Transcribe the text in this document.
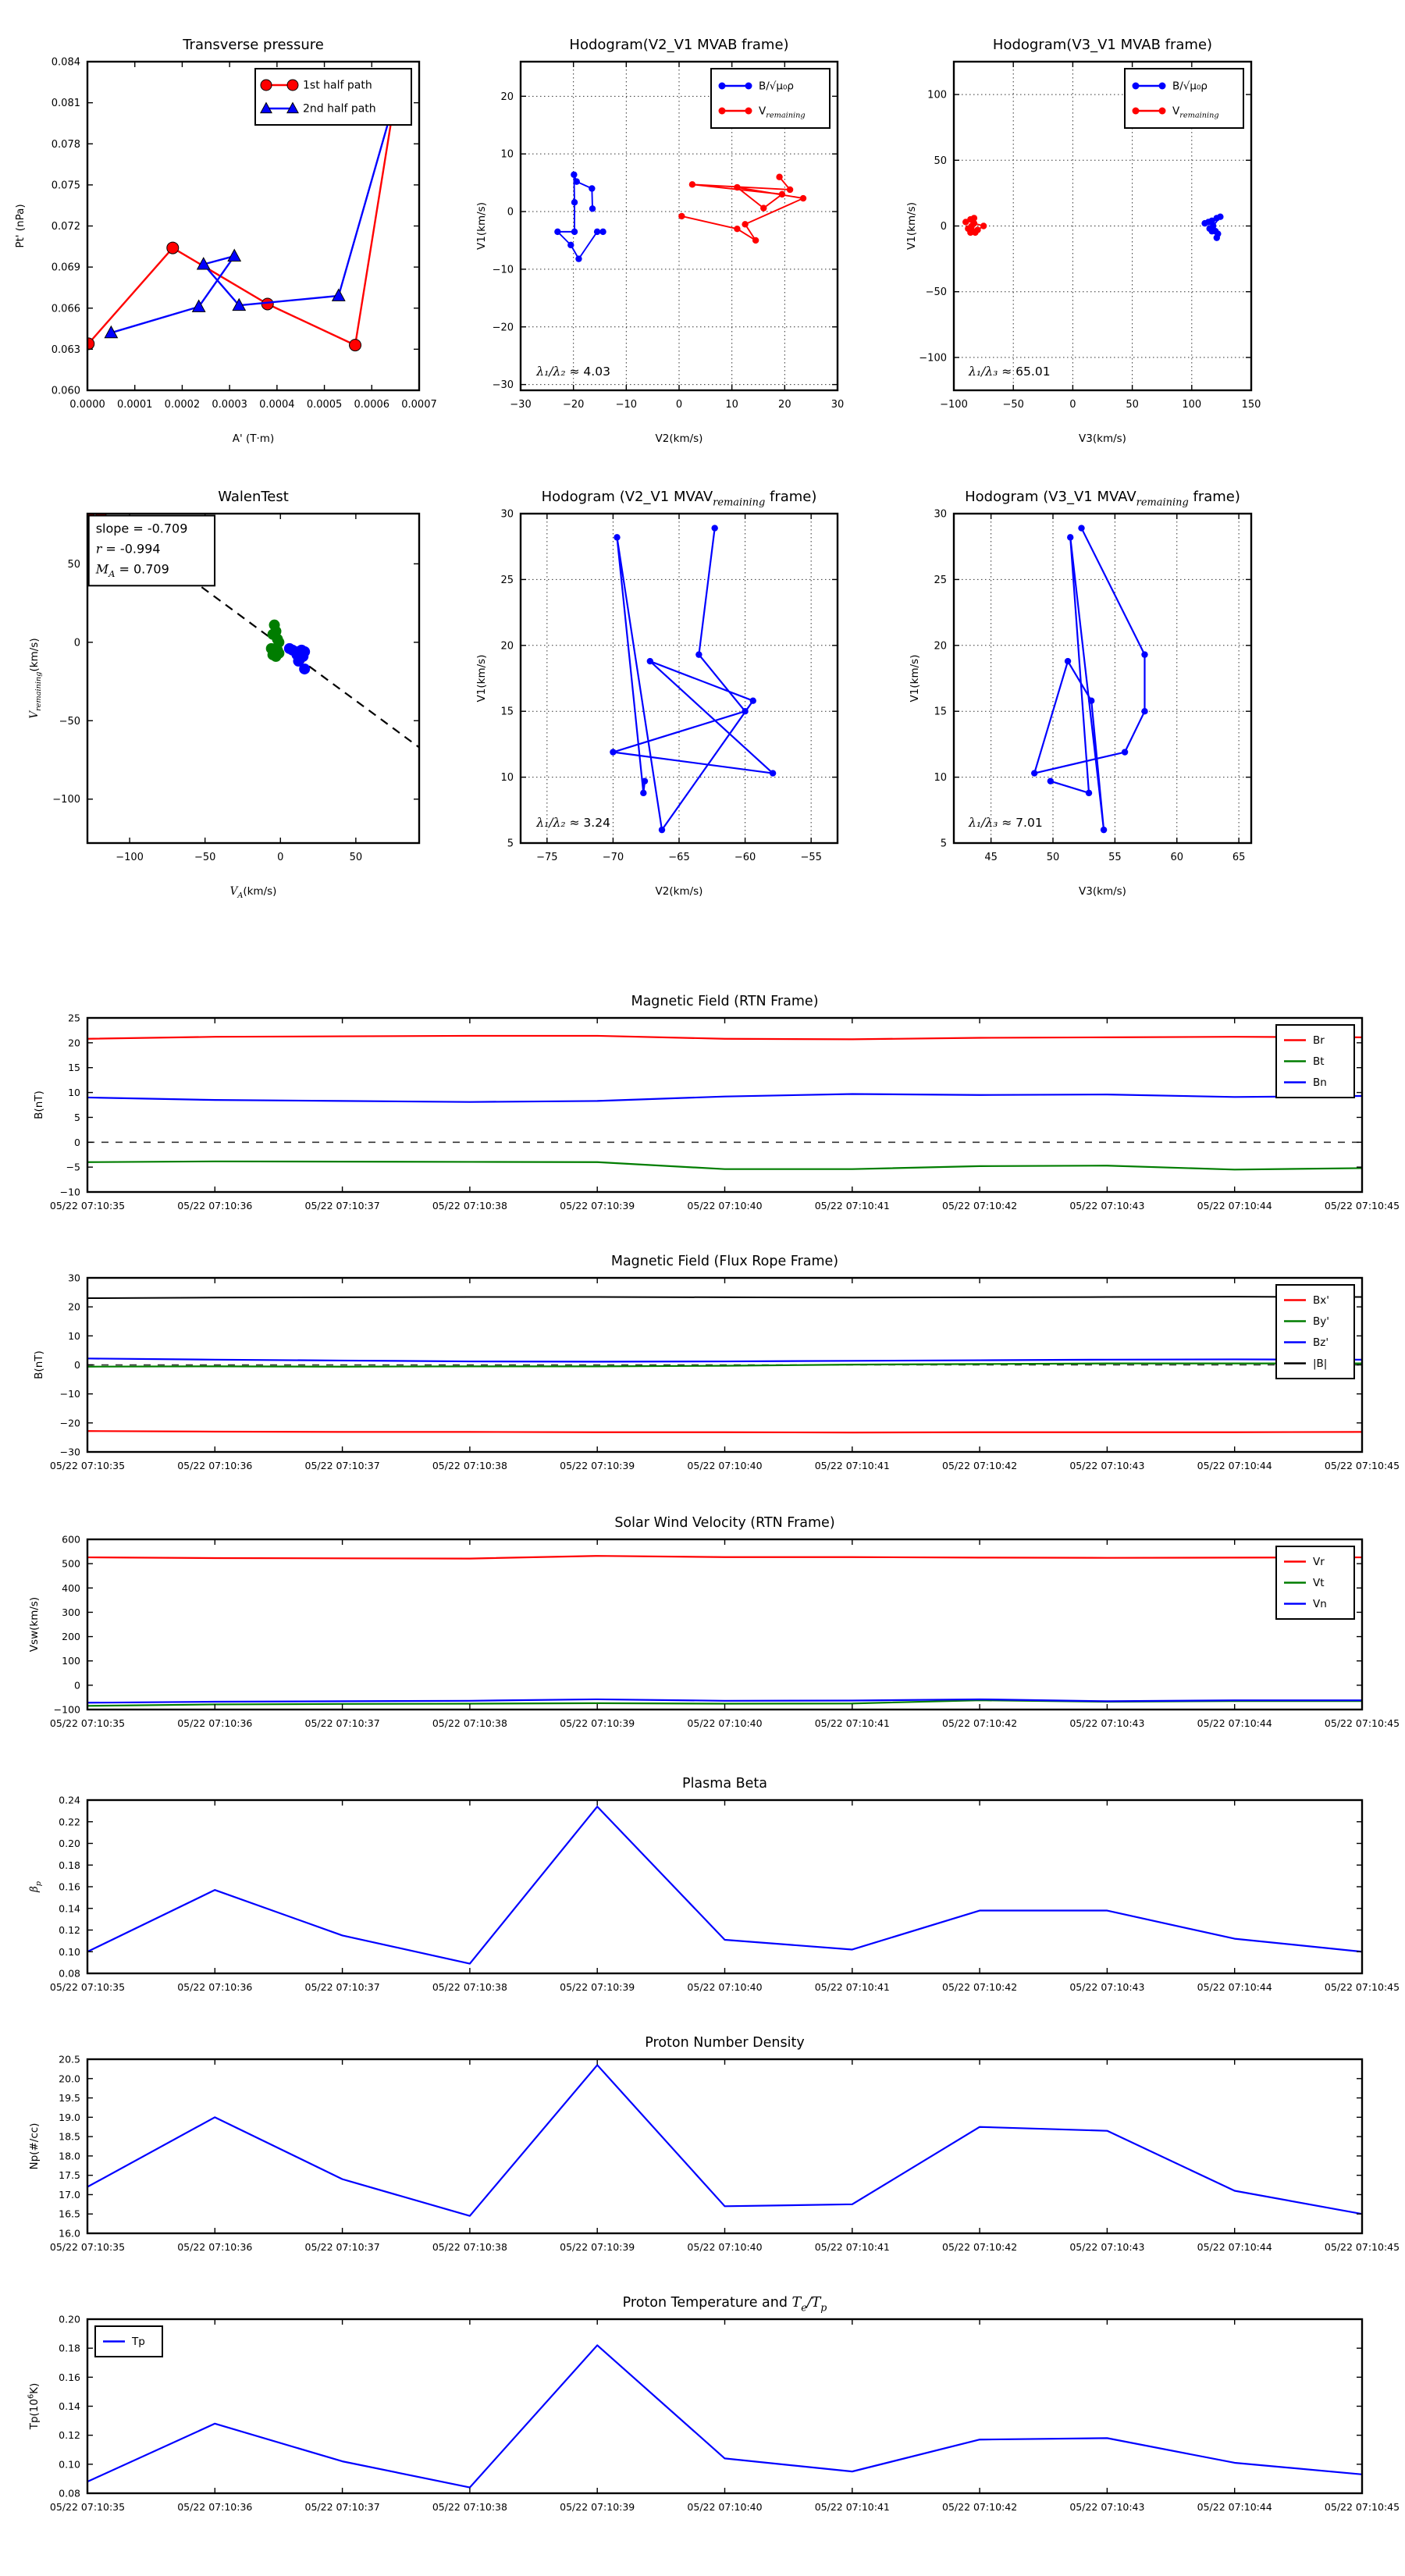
0.0000 0.0001 0.0002 0.0003 0.0004 0.0005 0.0006 0.0007
0.060
0.063
0.066
0.069
0.072
0.075
0.078
0.081
0.084
Transverse pressure
A' (T·m)
Pt' (nPa)
1st half path
2nd half path
−30	−20	−10	0	10	20	30
−30
−20
−10
0
10
20
Hodogram(V2_V1 MVAB frame)
V2(km/s)
V1(km/s)
λ₁/λ₂ ≈ 4.03
B/√μ₀ρ
$V_{remaining}$
−100	−50	0	50	100	150
−100
−50
0
50
100
Hodogram(V3_V1 MVAB frame)
V3(km/s)
V1(km/s)
λ₁/λ₃ ≈ 65.01
B/√μ₀ρ
$V_{remaining}$
−100	−50	0	50
−100
−50
0
50
WalenTest
$V_A(km/s)$
$V_{remaining}(km/s)$
slope = -0.709
r = -0.994
$M_A = 0.709$
−75	−70	−65	−60	−55
5
10
15
20
25
30
Hodogram (V2_V1 $MVAV_{remaining}$ frame)
V2(km/s)
V1(km/s)
λ₁/λ₂ ≈ 3.24
45	50	55	60	65
5
10
15
20
25
30
Hodogram (V3_V1 $MVAV_{remaining}$ frame)
V3(km/s)
V1(km/s)
λ₁/λ₃ ≈ 7.01
05/22 07:10:35	05/22 07:10:36	05/22 07:10:37	05/22 07:10:38	05/22 07:10:39	05/22 07:10:40	05/22 07:10:41	05/22 07:10:42	05/22 07:10:43	05/22 07:10:44	05/22 07:10:45
−10
−5
0
5
10
15
20
25
Magnetic Field (RTN Frame)
B(nT)
Br
Bt
Bn
05/22 07:10:35	05/22 07:10:36	05/22 07:10:37	05/22 07:10:38	05/22 07:10:39	05/22 07:10:40	05/22 07:10:41	05/22 07:10:42	05/22 07:10:43	05/22 07:10:44	05/22 07:10:45
−30
−20
−10
0
10
20
30
Magnetic Field (Flux Rope Frame)
B(nT)
Bx'
By'
Bz'
|B|
05/22 07:10:35	05/22 07:10:36	05/22 07:10:37	05/22 07:10:38	05/22 07:10:39	05/22 07:10:40	05/22 07:10:41	05/22 07:10:42	05/22 07:10:43	05/22 07:10:44	05/22 07:10:45
−100
0
100
200
300
400
500
600
Solar Wind Velocity (RTN Frame)
Vsw(km/s)
Vr
Vt
Vn
05/22 07:10:35	05/22 07:10:36	05/22 07:10:37	05/22 07:10:38	05/22 07:10:39	05/22 07:10:40	05/22 07:10:41	05/22 07:10:42	05/22 07:10:43	05/22 07:10:44	05/22 07:10:45
0.08
0.10
0.12
0.14
0.16
0.18
0.20
0.22
0.24
Plasma Beta
$\beta_p$
05/22 07:10:35	05/22 07:10:36	05/22 07:10:37	05/22 07:10:38	05/22 07:10:39	05/22 07:10:40	05/22 07:10:41	05/22 07:10:42	05/22 07:10:43	05/22 07:10:44	05/22 07:10:45
16.0
16.5
17.0
17.5
18.0
18.5
19.0
19.5
20.0
20.5
Proton Number Density
Np(#/cc)
05/22 07:10:35	05/22 07:10:36	05/22 07:10:37	05/22 07:10:38	05/22 07:10:39	05/22 07:10:40	05/22 07:10:41	05/22 07:10:42	05/22 07:10:43	05/22 07:10:44	05/22 07:10:45
0.08
0.10
0.12
0.14
0.16
0.18
0.20
Proton Temperature and $T_e/T_p$
$Tp(10^6K)$
Tp
